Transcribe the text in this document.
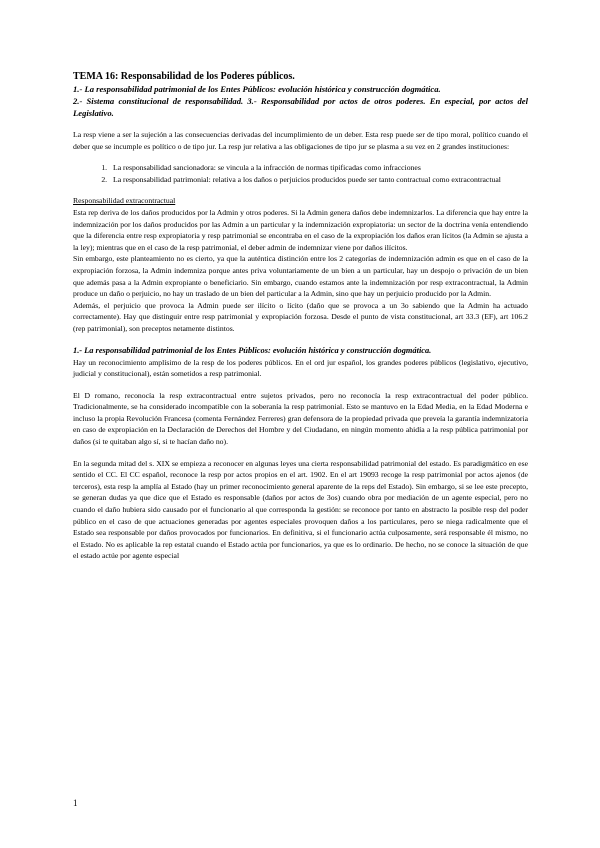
TEMA 16: Responsabilidad de los Poderes públicos.

1.- La responsabilidad patrimonial de los Entes Públicos: evolución histórica y construcción dogmática.

2.- Sistema constitucional de responsabilidad. 3.- Responsabilidad por actos de otros poderes. En especial, por actos del Legislativo.

La resp viene a ser la sujeción a las consecuencias derivadas del incumplimiento de un deber. Esta resp puede ser de tipo moral, político cuando el deber que se incumple es político o de tipo jur. La resp jur relativa a las obligaciones de tipo jur se plasma a su vez en 2 grandes instituciones:

1. La responsabilidad sancionadora: se vincula a la infracción de normas tipificadas como infracciones
2. La responsabilidad patrimonial: relativa a los daños o perjuicios producidos puede ser tanto contractual como extracontractual

Responsabilidad extracontractual

Esta rep deriva de los daños producidos por la Admin y otros poderes. Si la Admin genera daños debe indemnizarlos. La diferencia que hay entre la indemnización por los daños producidos por las Admin a un particular y la indemnización expropiatoria: un sector de la doctrina venía entendiendo que la diferencia entre resp expropiatoria y resp patrimonial se encontraba en el caso de la expropiación los daños eran lícitos (la Admin se ajusta a la ley); mientras que en el caso de la resp patrimonial, el deber admin de indemnizar viene por daños ilícitos.

Sin embargo, este planteamiento no es cierto, ya que la auténtica distinción entre los 2 categorías de indemnización admin es que en el caso de la expropiación forzosa, la Admin indemniza porque antes priva voluntariamente de un bien a un particular, hay un despojo o privación de un bien que además pasa a la Admin expropiante o beneficiario. Sin embargo, cuando estamos ante la indemnización por resp extracontractual, la Admin produce un daño o perjuicio, no hay un traslado de un bien del particular a la Admin, sino que hay un perjuicio producido por la Admin.

Además, el perjuicio que provoca la Admin puede ser ilícito o lícito (daño que se provoca a un 3o sabiendo que la Admin ha actuado correctamente). Hay que distinguir entre resp patrimonial y expropiación forzosa. Desde el punto de vista constitucional, art 33.3 (EF), art 106.2 (rep patrimonial), son preceptos netamente distintos.

1.- La responsabilidad patrimonial de los Entes Públicos: evolución histórica y construcción dogmática.

Hay un reconocimiento amplísimo de la resp de los poderes públicos. En el ord jur español, los grandes poderes públicos (legislativo, ejecutivo, judicial y constitucional), están sometidos a resp patrimonial.

El D romano, reconocía la resp extracontractual entre sujetos privados, pero no reconocía la resp extracontractual del poder público. Tradicionalmente, se ha considerado incompatible con la soberanía la resp patrimonial. Esto se mantuvo en la Edad Media, en la Edad Moderna e incluso la propia Revolución Francesa (comenta Fernández Ferreres) gran defensora de la propiedad privada que preveía la garantía indemnizatoria en caso de expropiación en la Declaración de Derechos del Hombre y del Ciudadano, en ningún momento ahidía a la resp pública patrimonial por daños (si te quitaban algo sí, si te hacían daño no).

En la segunda mitad del s. XIX se empieza a reconocer en algunas leyes una cierta responsabilidad patrimonial del estado. Es paradigmático en ese sentido el CC. El CC español, reconoce la resp por actos propios en el art. 1902. En el art 19093 recoge la resp patrimonial por actos ajenos (de terceros), esta resp la amplía al Estado (hay un primer reconocimiento general aparente de la reps del Estado). Sin embargo, si se lee este precepto, se generan dudas ya que dice que el Estado es responsable (daños por actos de 3os) cuando obra por mediación de un agente especial, pero no cuando el daño hubiera sido causado por el funcionario al que corresponda la gestión: se reconoce por tanto en abstracto la posible resp del poder público en el caso de que actuaciones generadas por agentes especiales provoquen daños a los particulares, pero se niega radicalmente que el Estado sea responsable por daños provocados por funcionarios. En definitiva, si el funcionario actúa culposamente, será responsable él mismo, no el Estado. No es aplicable la rep estatal cuando el Estado actúa por funcionarios, ya que es lo ordinario. De hecho, no se conoce la situación de que el estado actúe por agente especial

1
